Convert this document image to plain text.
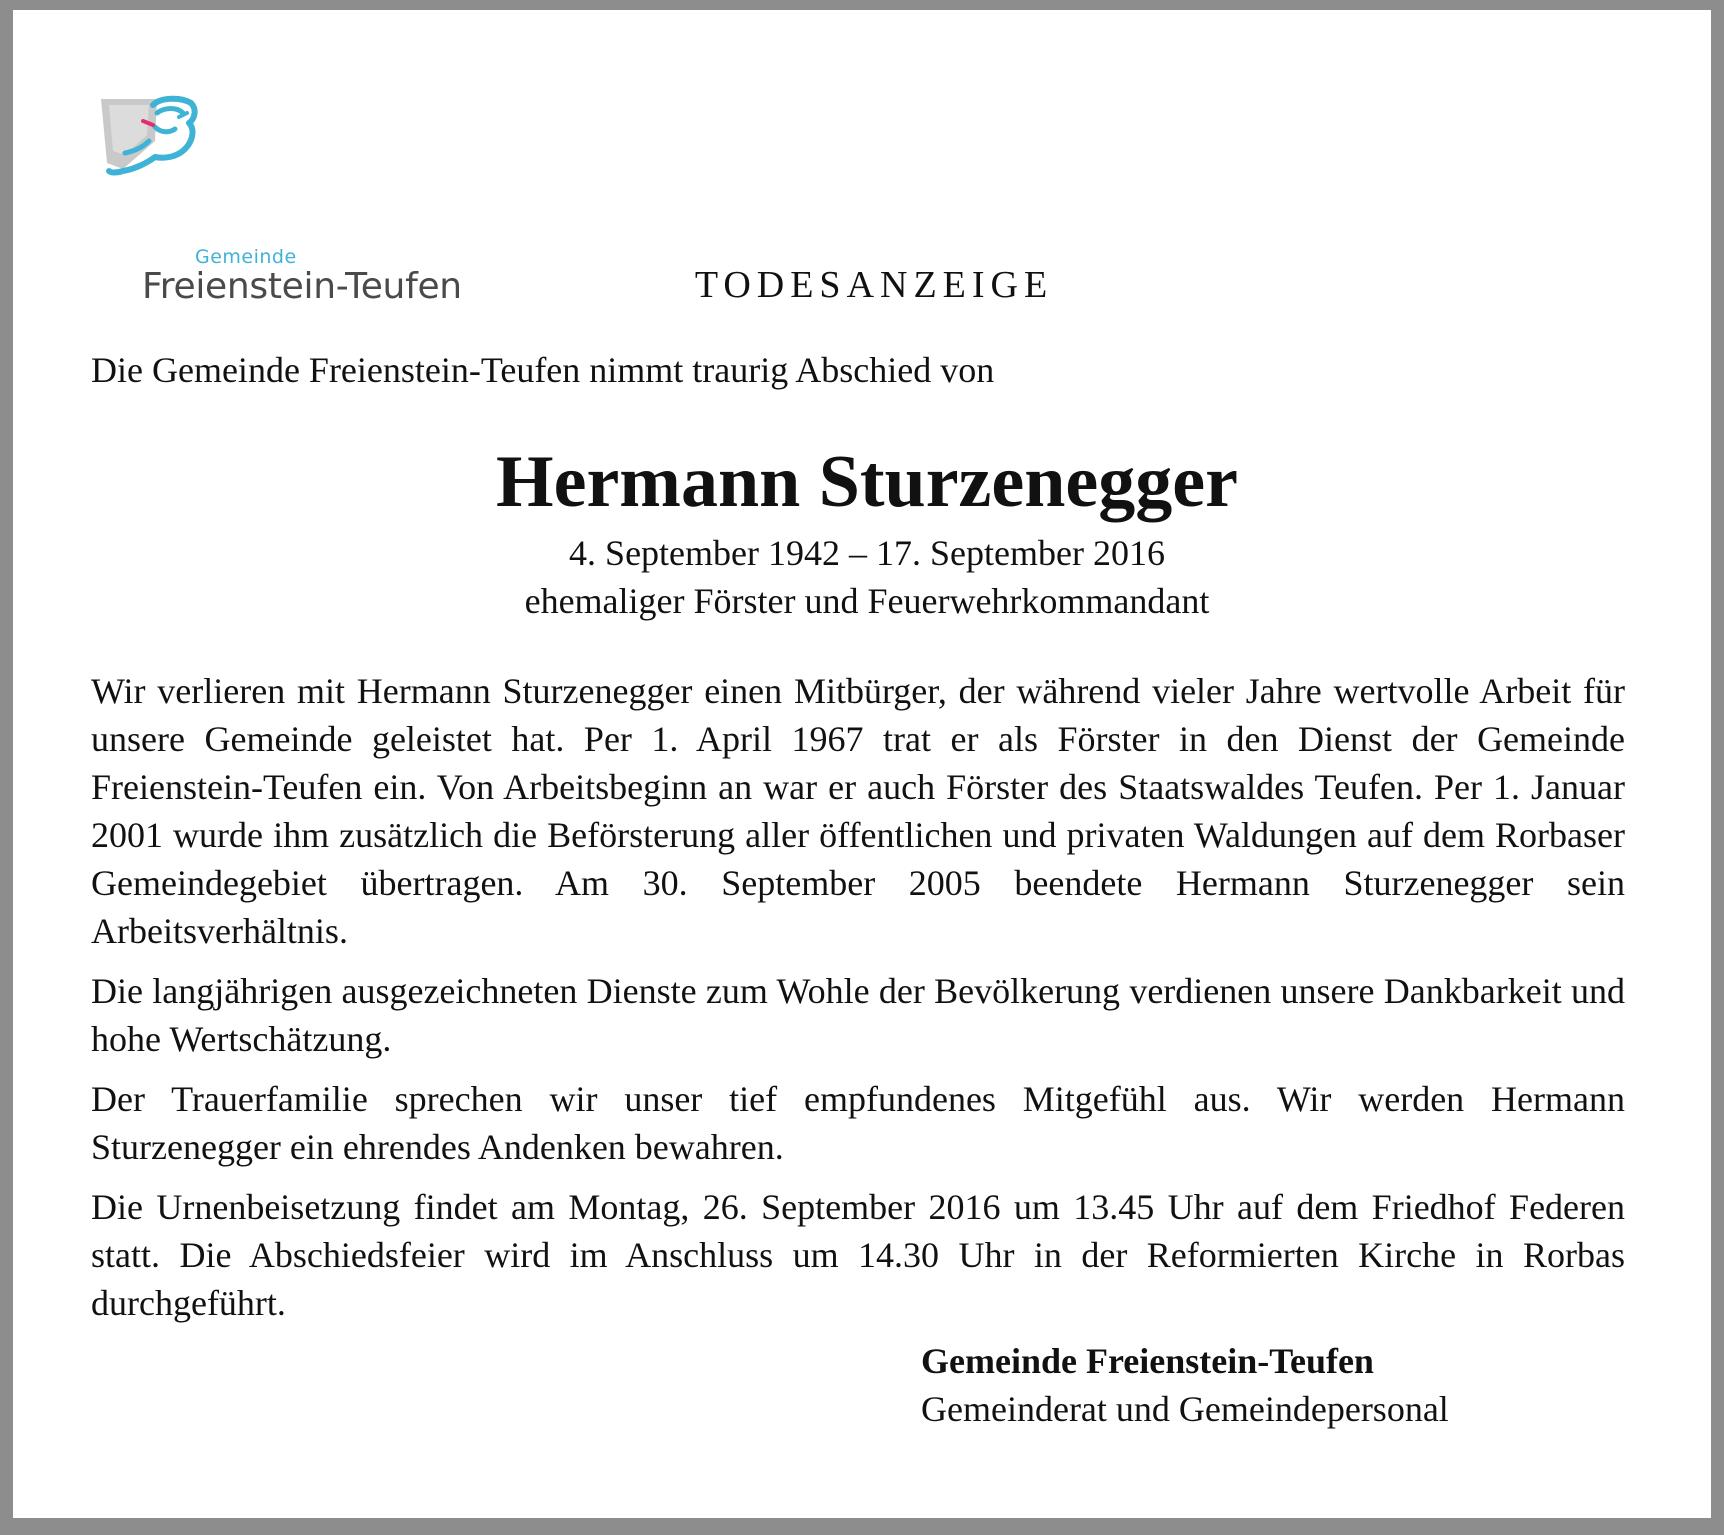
Gemeinde
Freienstein-Teufen	TODESANZEIGE
Die Gemeinde Freienstein-Teufen nimmt traurig Abschied von
Hermann Sturzenegger
4. September 1942 – 17. September 2016
ehemaliger Förster und Feuerwehrkommandant

Wir verlieren mit Hermann Sturzenegger einen Mitbürger, der während vieler Jahre wertvolle Arbeit für unsere Gemeinde geleistet hat. Per 1. April 1967 trat er als Förster in den Dienst der Gemeinde Freienstein-Teufen ein. Von Arbeitsbeginn an war er auch Förster des Staatswaldes Teufen. Per 1. Januar 2001 wurde ihm zusätzlich die Beförsterung aller öffentlichen und privaten Waldungen auf dem Rorbaser Gemeindegebiet übertragen. Am 30. September 2005 beendete Hermann Sturzenegger sein Arbeitsverhältnis.

Die langjährigen ausgezeichneten Dienste zum Wohle der Bevölkerung verdienen unsere Dankbarkeit und hohe Wertschätzung.

Der Trauerfamilie sprechen wir unser tief empfundenes Mitgefühl aus. Wir werden Hermann Sturzenegger ein ehrendes Andenken bewahren.

Die Urnenbeisetzung findet am Montag, 26. September 2016 um 13.45 Uhr auf dem Friedhof Federen statt. Die Abschiedsfeier wird im Anschluss um 14.30 Uhr in der Reformierten Kirche in Rorbas durchgeführt.

Gemeinde Freienstein-Teufen
Gemeinderat und Gemeindepersonal
